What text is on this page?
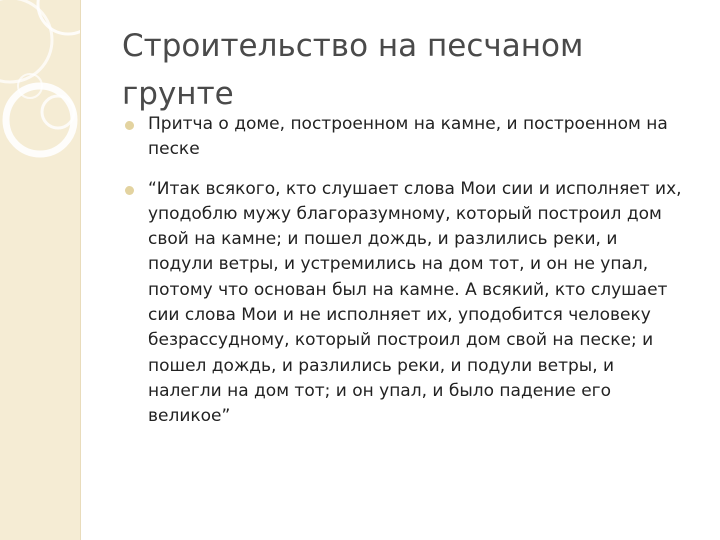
Строительство на песчаном грунте
Притча о доме, построенном на камне, и построенном на песке
“Итак всякого, кто слушает слова Мои сии и исполняет их, уподоблю мужу благоразумному, который построил дом свой на камне; и пошел дождь, и разлились реки, и подули ветры, и устремились на дом тот, и он не упал, потому что основан был на камне. А всякий, кто слушает сии слова Мои и не исполняет их, уподобится человеку безрассудному, который построил дом свой на песке; и пошел дождь, и разлились реки, и подули ветры, и налегли на дом тот; и он упал, и было падение его великое”
